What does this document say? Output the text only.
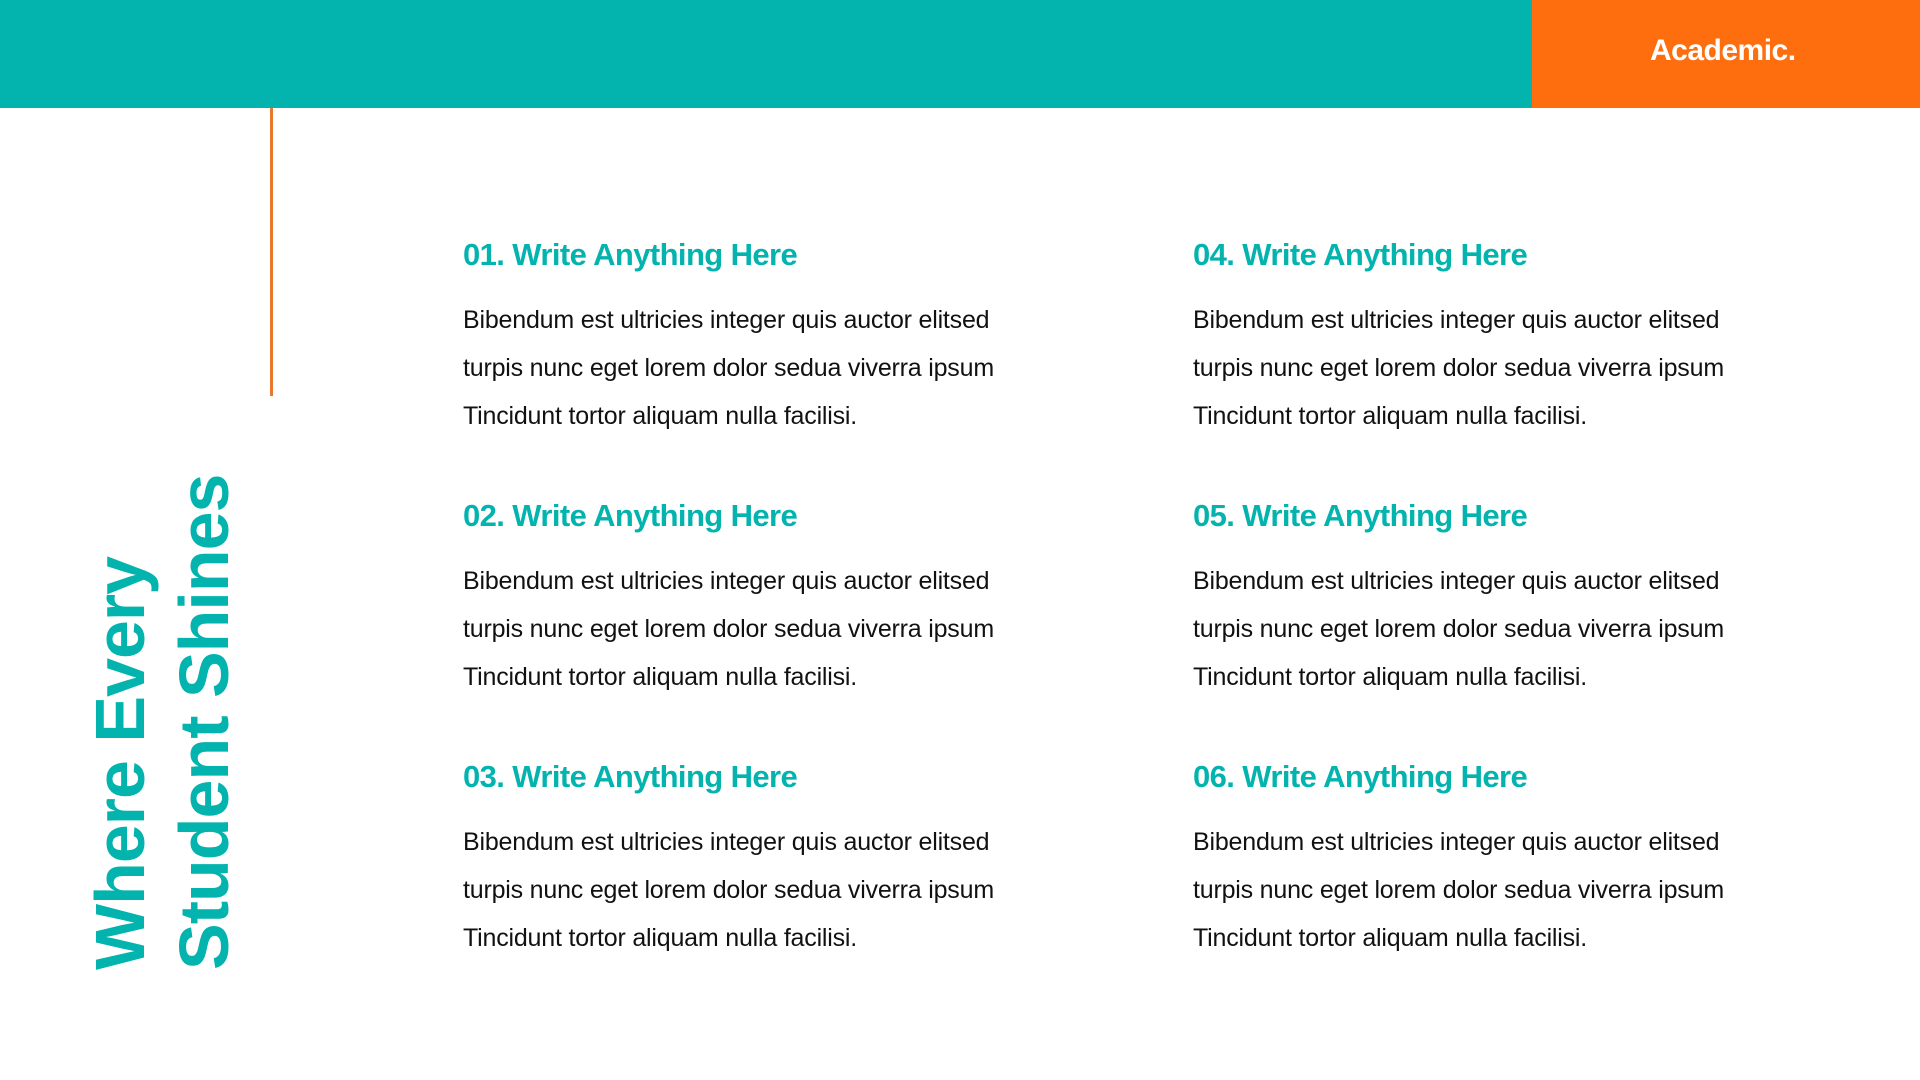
Academic.
Where Every Student Shines
01. Write Anything Here
Bibendum est ultricies integer quis auctor elitsed
turpis nunc eget lorem dolor sedua viverra ipsum
Tincidunt tortor aliquam nulla facilisi.
02. Write Anything Here
Bibendum est ultricies integer quis auctor elitsed
turpis nunc eget lorem dolor sedua viverra ipsum
Tincidunt tortor aliquam nulla facilisi.
03. Write Anything Here
Bibendum est ultricies integer quis auctor elitsed
turpis nunc eget lorem dolor sedua viverra ipsum
Tincidunt tortor aliquam nulla facilisi.
04. Write Anything Here
Bibendum est ultricies integer quis auctor elitsed
turpis nunc eget lorem dolor sedua viverra ipsum
Tincidunt tortor aliquam nulla facilisi.
05. Write Anything Here
Bibendum est ultricies integer quis auctor elitsed
turpis nunc eget lorem dolor sedua viverra ipsum
Tincidunt tortor aliquam nulla facilisi.
06. Write Anything Here
Bibendum est ultricies integer quis auctor elitsed
turpis nunc eget lorem dolor sedua viverra ipsum
Tincidunt tortor aliquam nulla facilisi.
